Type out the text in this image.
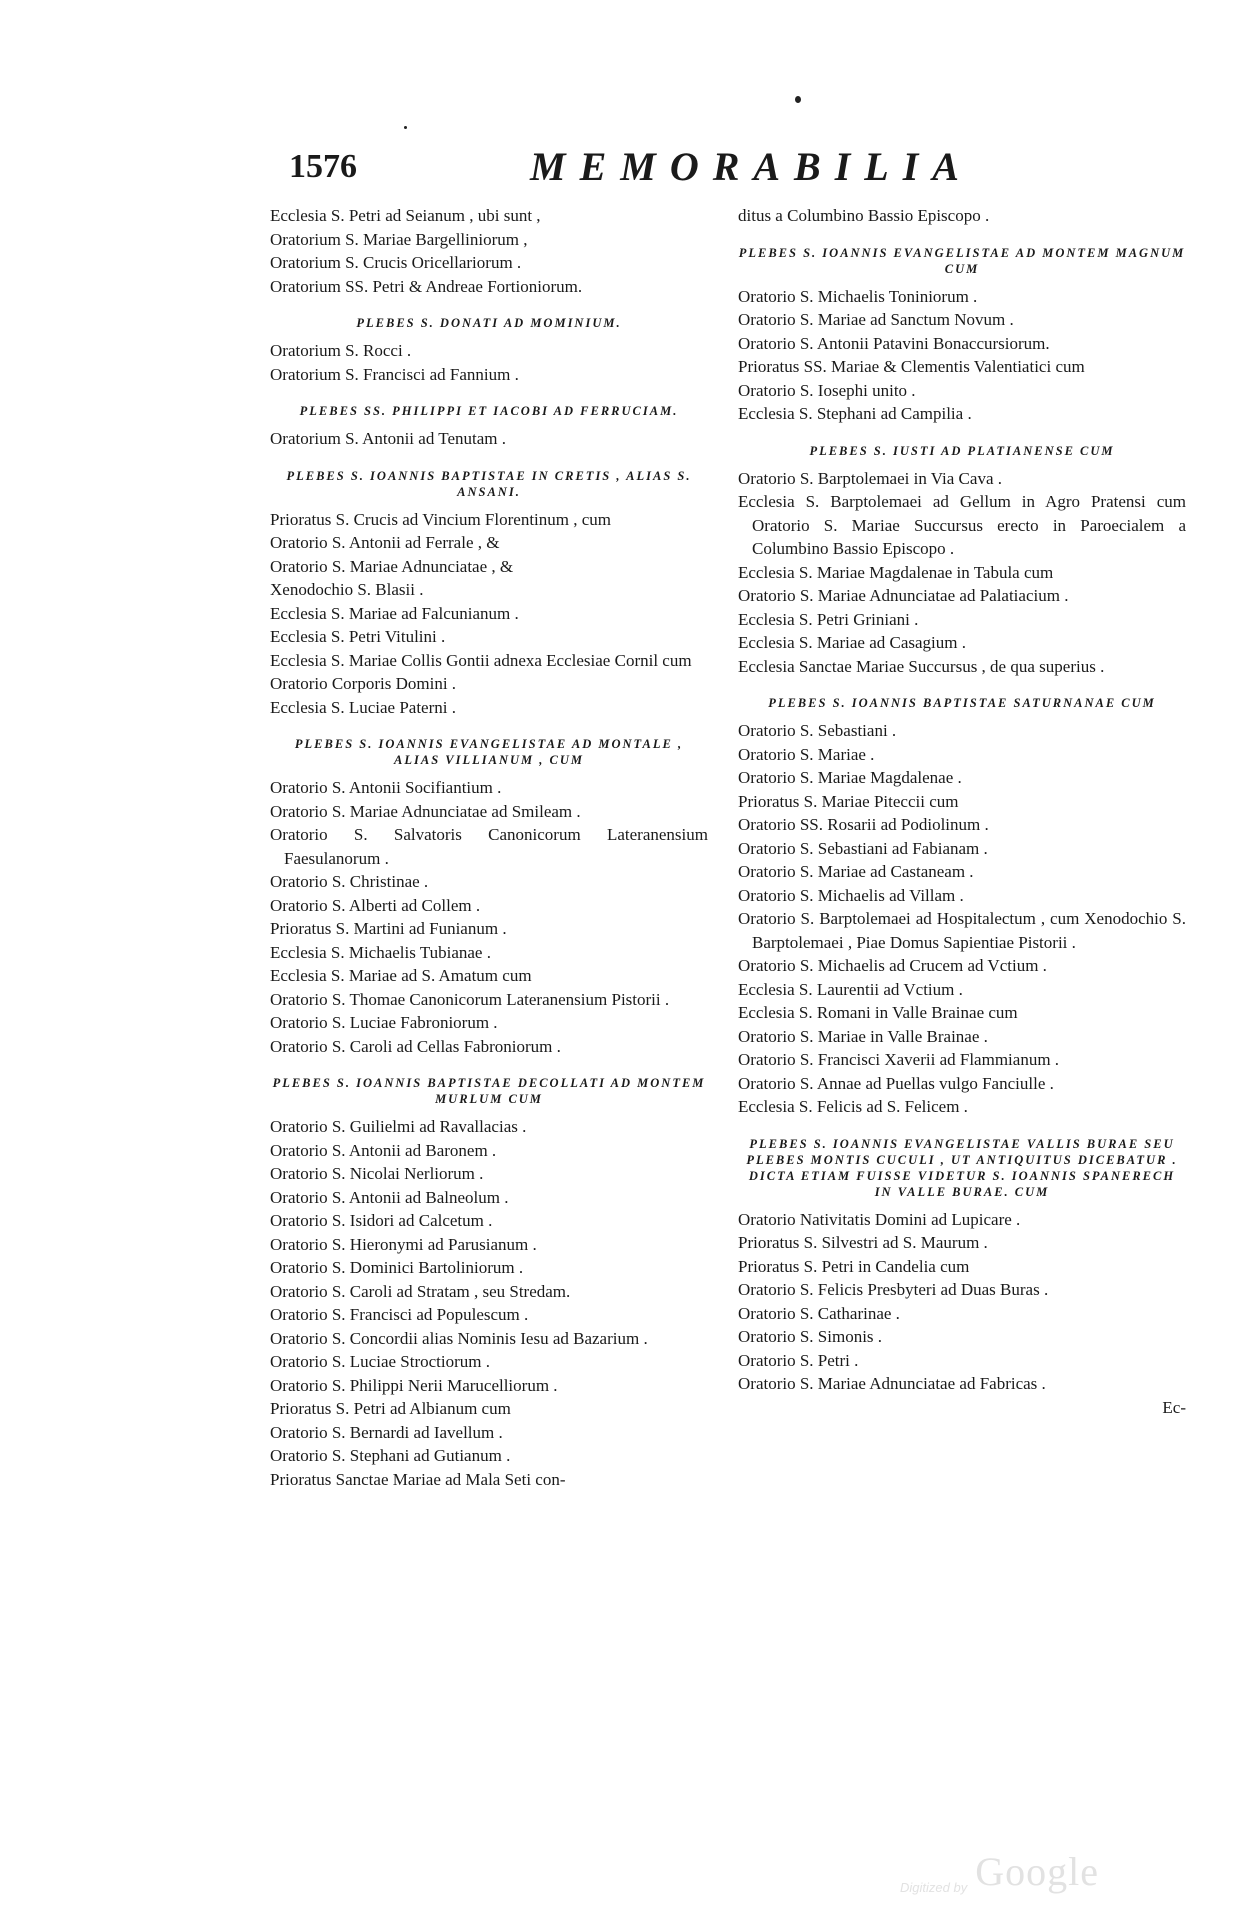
1576	MEMORABILIA

Ecclesia S. Petri ad Seianum , ubi sunt ,

Oratorium S. Mariae Bargelliniorum ,

Oratorium S. Crucis Oricellariorum .

Oratorium SS. Petri & Andreae Fortioniorum.

PLEBES S. DONATI AD MOMINIUM.

Oratorium S. Rocci .

Oratorium S. Francisci ad Fannium .

PLEBES SS. PHILIPPI ET IACOBI AD FERRUCIAM.

Oratorium S. Antonii ad Tenutam .

PLEBES S. IOANNIS BAPTISTAE IN CRETIS , ALIAS S. ANSANI.

Prioratus S. Crucis ad Vincium Florentinum , cum

Oratorio S. Antonii ad Ferrale , &

Oratorio S. Mariae Adnunciatae , &

Xenodochio S. Blasii .

Ecclesia S. Mariae ad Falcunianum .

Ecclesia S. Petri Vitulini .

Ecclesia S. Mariae Collis Gontii adnexa Ecclesiae Cornil cum

Oratorio Corporis Domini .

Ecclesia S. Luciae Paterni .

PLEBES S. IOANNIS EVANGELISTAE AD MONTALE , ALIAS VILLIANUM , CUM

Oratorio S. Antonii Socifiantium .

Oratorio S. Mariae Adnunciatae ad Smileam .

Oratorio S. Salvatoris Canonicorum Lateranensium Faesulanorum .

Oratorio S. Christinae .

Oratorio S. Alberti ad Collem .

Prioratus S. Martini ad Funianum .

Ecclesia S. Michaelis Tubianae .

Ecclesia S. Mariae ad S. Amatum cum

Oratorio S. Thomae Canonicorum Lateranensium Pistorii .

Oratorio S. Luciae Fabroniorum .

Oratorio S. Caroli ad Cellas Fabroniorum .

PLEBES S. IOANNIS BAPTISTAE DECOLLATI AD MONTEM MURLUM CUM

Oratorio S. Guilielmi ad Ravallacias .

Oratorio S. Antonii ad Baronem .

Oratorio S. Nicolai Nerliorum .

Oratorio S. Antonii ad Balneolum .

Oratorio S. Isidori ad Calcetum .

Oratorio S. Hieronymi ad Parusianum .

Oratorio S. Dominici Bartoliniorum .

Oratorio S. Caroli ad Stratam , seu Stredam.

Oratorio S. Francisci ad Populescum .

Oratorio S. Concordii alias Nominis Iesu ad Bazarium .

Oratorio S. Luciae Stroctiorum .

Oratorio S. Philippi Nerii Marucelliorum .

Prioratus S. Petri ad Albianum cum

Oratorio S. Bernardi ad Iavellum .

Oratorio S. Stephani ad Gutianum .

Prioratus Sanctae Mariae ad Mala Seti con-

ditus a Columbino Bassio Episcopo .

PLEBES S. IOANNIS EVANGELISTAE AD MONTEM MAGNUM CUM

Oratorio S. Michaelis Toniniorum .

Oratorio S. Mariae ad Sanctum Novum .

Oratorio S. Antonii Patavini Bonaccursiorum.

Prioratus SS. Mariae & Clementis Valentiatici cum

Oratorio S. Iosephi unito .

Ecclesia S. Stephani ad Campilia .

PLEBES S. IUSTI AD PLATIANENSE CUM

Oratorio S. Barptolemaei in Via Cava .

Ecclesia S. Barptolemaei ad Gellum in Agro Pratensi cum Oratorio S. Mariae Succursus erecto in Paroecialem a Columbino Bassio Episcopo .

Ecclesia S. Mariae Magdalenae in Tabula cum

Oratorio S. Mariae Adnunciatae ad Palatiacium .

Ecclesia S. Petri Griniani .

Ecclesia S. Mariae ad Casagium .

Ecclesia Sanctae Mariae Succursus , de qua superius .

PLEBES S. IOANNIS BAPTISTAE SATURNANAE CUM

Oratorio S. Sebastiani .

Oratorio S. Mariae .

Oratorio S. Mariae Magdalenae .

Prioratus S. Mariae Piteccii cum

Oratorio SS. Rosarii ad Podiolinum .

Oratorio S. Sebastiani ad Fabianam .

Oratorio S. Mariae ad Castaneam .

Oratorio S. Michaelis ad Villam .

Oratorio S. Barptolemaei ad Hospitalectum , cum Xenodochio S. Barptolemaei , Piae Domus Sapientiae Pistorii .

Oratorio S. Michaelis ad Crucem ad Vctium .

Ecclesia S. Laurentii ad Vctium .

Ecclesia S. Romani in Valle Brainae cum

Oratorio S. Mariae in Valle Brainae .

Oratorio S. Francisci Xaverii ad Flammianum .

Oratorio S. Annae ad Puellas vulgo Fanciulle .

Ecclesia S. Felicis ad S. Felicem .

PLEBES S. IOANNIS EVANGELISTAE VALLIS BURAE SEU PLEBES MONTIS CUCULI , UT ANTIQUITUS DICEBATUR . DICTA ETIAM FUISSE VIDETUR S. IOANNIS SPANERECH IN VALLE BURAE. CUM

Oratorio Nativitatis Domini ad Lupicare .

Prioratus S. Silvestri ad S. Maurum .

Prioratus S. Petri in Candelia cum

Oratorio S. Felicis Presbyteri ad Duas Buras .

Oratorio S. Catharinae .

Oratorio S. Simonis .

Oratorio S. Petri .

Oratorio S. Mariae Adnunciatae ad Fabricas .

Ec-

Digitized by Google
